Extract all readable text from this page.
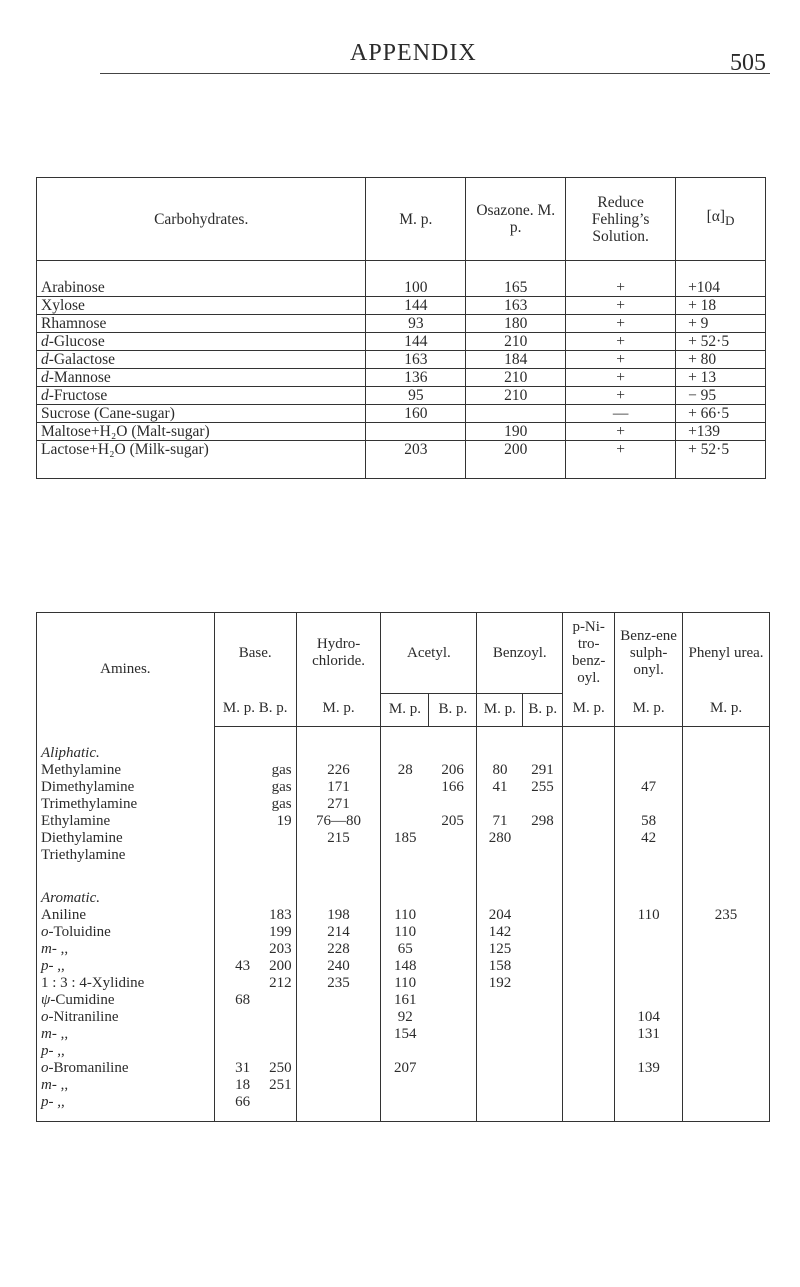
APPENDIX	505
Carbohydrates.	M. p.	Osazone. M. p.	Reduce Fehling’s Solution.	$[\alpha]_D$
Arabinose	100	165	+	+104
Xylose	144	163	+	+ 18
Rhamnose	93	180	+	+ 9
d-Glucose	144	210	+	+ 52·5
d-Galactose	163	184	+	+ 80
d-Mannose	136	210	+	+ 13
d-Fructose	95	210	+	− 95
Sucrose (Cane-sugar)	160		—	+ 66·5
Maltose+H₂O (Malt-sugar)		190	+	+139
Lactose+H₂O (Milk-sugar)	203	200	+	+ 52·5
Amines.	Base.		Hydro-chloride.	Acetyl.		Benzoyl.		p-Ni-tro-benz-oyl.	Benz-ene sulph-onyl.	Phenyl urea.
	M. p. B. p.		M. p.	M. p.	B. p.	M. p.	B. p.	M. p.	M. p.	M. p.
Aliphatic.										
Methylamine		gas	226	28	206	80	291			
Dimethylamine		gas	171		166	41	255		47	
Trimethylamine		gas	271							
Ethylamine		19	76—80		205	71	298		58	
Diethylamine			215	185		280			42	
Triethylamine										

Aromatic.										
Aniline		183	198	110		204			110	235
o-Toluidine		199	214	110		142				
m- ,,		203	228	65		125				
p- ,,	43	200	240	148		158				
1 : 3 : 4-Xylidine		212	235	110		192				
ψ-Cumidine	68			161						
o-Nitraniline				92					104	
m- ,,				154					131	
p- ,,										
o-Bromaniline	31	250		207					139	
m- ,,	18	251								
p- ,,	66									
